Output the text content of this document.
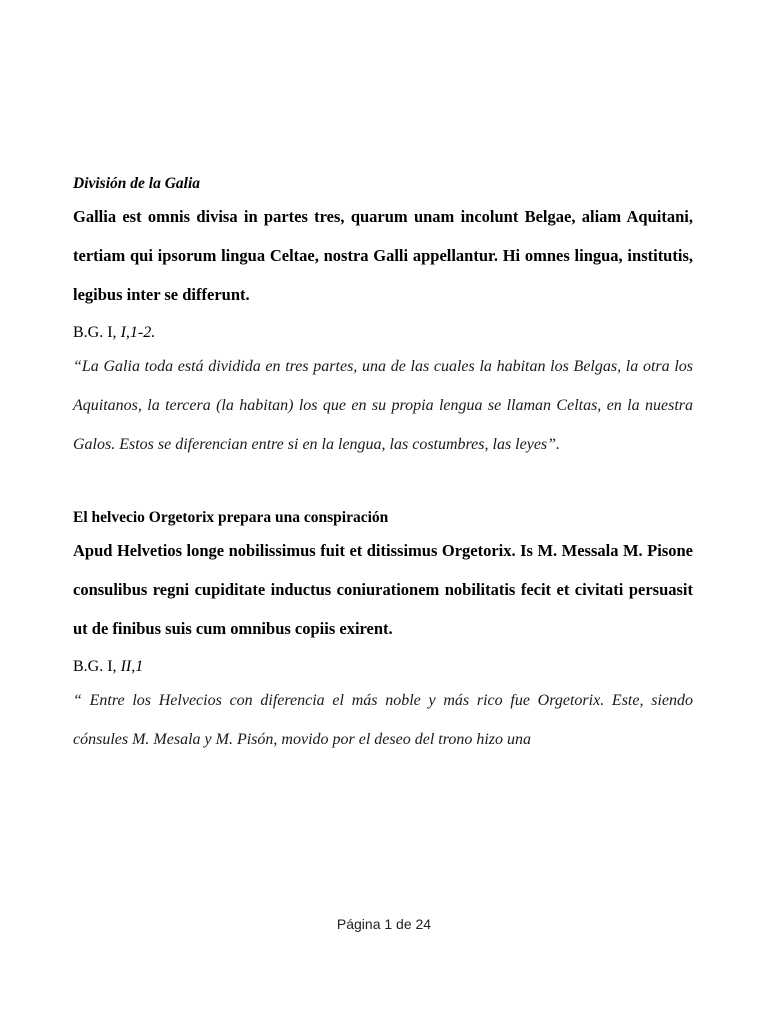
División de la Galia

Gallia est omnis divisa in partes tres, quarum unam incolunt Belgae, aliam Aquitani, tertiam qui ipsorum lingua Celtae, nostra Galli appellantur. Hi omnes lingua, institutis, legibus inter se differunt.

B.G. I, I,1-2.

“La Galia toda está dividida en tres partes, una de las cuales la habitan los Belgas, la otra los Aquitanos, la tercera (la habitan) los que en su propia lengua se llaman Celtas, en la nuestra Galos. Estos se diferencian entre si en la lengua, las costumbres, las leyes”.

El helvecio Orgetorix prepara una conspiración

Apud Helvetios longe nobilissimus fuit et ditissimus Orgetorix. Is M. Messala M. Pisone consulibus regni cupiditate inductus coniurationem nobilitatis fecit et civitati persuasit ut de finibus suis cum omnibus copiis exirent.

B.G. I, II,1

“ Entre los Helvecios con diferencia el más noble y más rico fue Orgetorix. Este, siendo cónsules M. Mesala y M. Pisón, movido por el deseo del trono hizo una

Página 1 de 24
